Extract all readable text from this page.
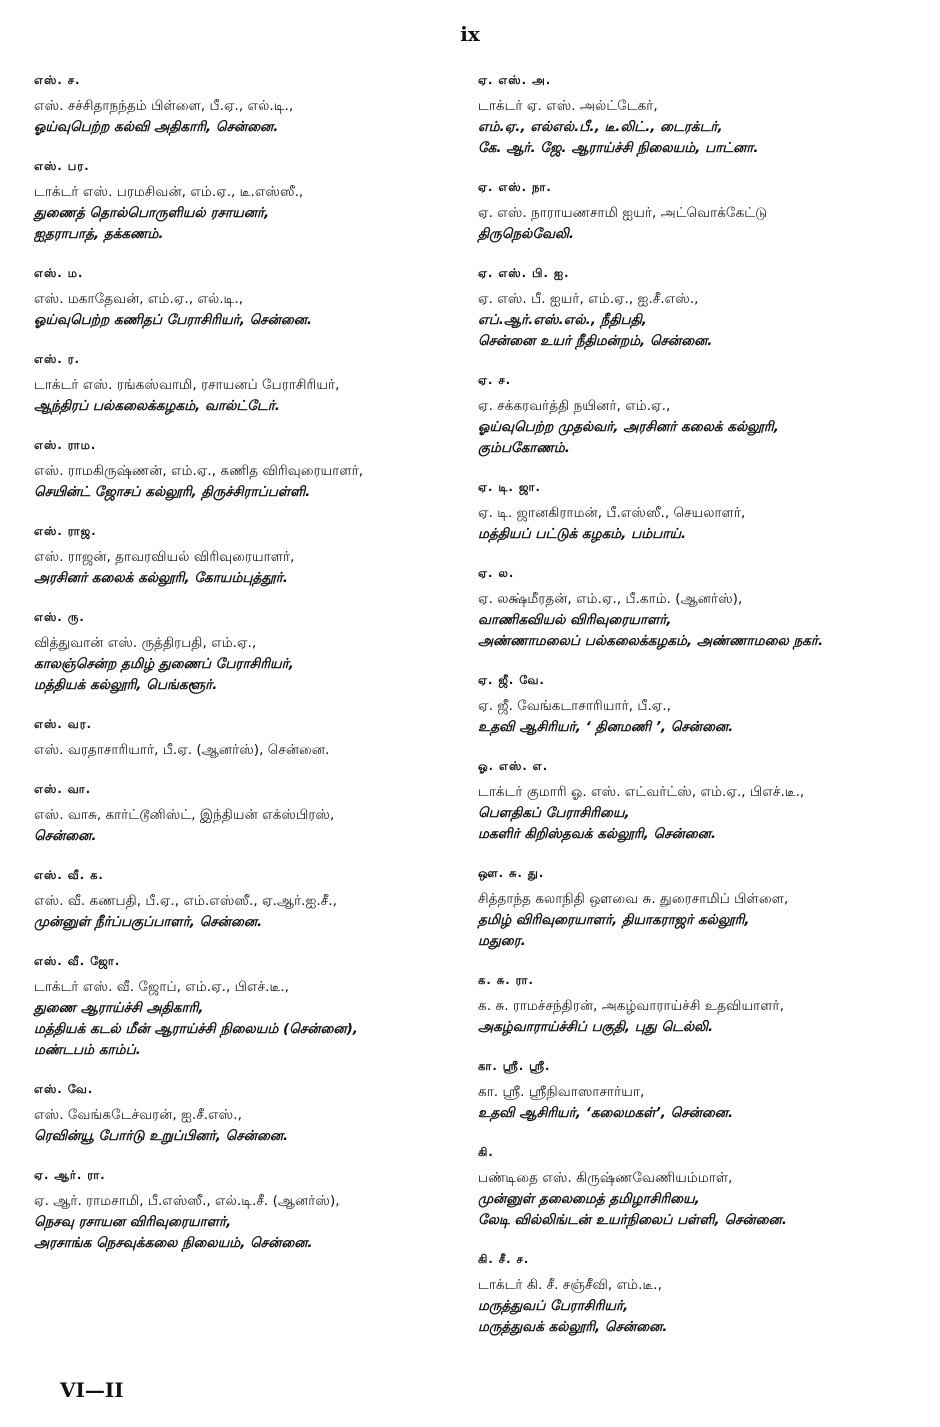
ix
எஸ். ச.
எஸ். சச்சிதாநந்தம் பிள்ளை, பீ.ஏ., எல்.டி.,
ஓய்வுபெற்ற கல்வி அதிகாரி, சென்னை.
எஸ். பர.
டாக்டர் எஸ். பரமசிவன், எம்.ஏ., டீ.எஸ்ஸீ.,
துணைத் தொல்பொருளியல் ரசாயனர்,
ஐதராபாத், தக்கணம்.
எஸ். ம.
எஸ். மகாதேவன், எம்.ஏ., எல்.டி.,
ஓய்வுபெற்ற கணிதப் பேராசிரியர், சென்னை.
எஸ். ர.
டாக்டர் எஸ். ரங்கஸ்வாமி, ரசாயனப் பேராசிரியர்,
ஆந்திரப் பல்கலைக்கழகம், வால்ட்டேர்.
எஸ். ராம.
எஸ். ராமகிருஷ்ணன், எம்.ஏ., கணித விரிவுரையாளர்,
செயின்ட் ஜோசப் கல்லூரி, திருச்சிராப்பள்ளி.
எஸ். ராஜ.
எஸ். ராஜன், தாவரவியல் விரிவுரையாளர்,
அரசினர் கலைக் கல்லூரி, கோயம்புத்தூர்.
எஸ். ரு.
வித்துவான் எஸ். ருத்திரபதி, எம்.ஏ.,
காலஞ்சென்ற தமிழ் துணைப் பேராசிரியர்,
மத்தியக் கல்லூரி, பெங்களூர்.
எஸ். வர.
எஸ். வரதாசாரியார், பீ.ஏ. (ஆனர்ஸ்), சென்னை.
எஸ். வா.
எஸ். வாசு, கார்ட்டூனிஸ்ட், இந்தியன் எக்ஸ்பிரஸ்,
சென்னை.
எஸ். வீ. க.
எஸ். வீ. கணபதி, பீ.ஏ., எம்.எஸ்ஸீ., ஏ.ஆர்.ஐ.சீ.,
முன்னுள் நீர்ப்பகுப்பாளர், சென்னை.
எஸ். வீ. ஜோ.
டாக்டர் எஸ். வீ. ஜோப், எம்.ஏ., பிஎச்.டீ.,
துணை ஆராய்ச்சி அதிகாரி,
மத்தியக் கடல் மீன் ஆராய்ச்சி நிலையம் (சென்னை),
மண்டபம் காம்ப்.
எஸ். வே.
எஸ். வேங்கடேச்வரன், ஐ.சீ.எஸ்.,
ரெவின்யூ போர்டு உறுப்பினர், சென்னை.
ஏ. ஆர். ரா.
ஏ. ஆர். ராமசாமி, பீ.எஸ்ஸீ., எல்.டி.சீ. (ஆனர்ஸ்),
நெசவு ரசாயன விரிவுரையாளர்,
அரசாங்க நெசவுக்கலை நிலையம், சென்னை.
ஏ. எஸ். அ.
டாக்டர் ஏ. எஸ். அல்ட்டேகர்,
எம்.ஏ., எல்எல்.பீ., டீ.லிட்., டைரக்டர்,
கே. ஆர். ஜே. ஆராய்ச்சி நிலையம், பாட்னா.
ஏ. எஸ். நா.
ஏ. எஸ். நாராயணசாமி ஐயர், அட்வொக்கேட்டு
திருநெல்வேலி.
ஏ. எஸ். பி. ஐ.
ஏ. எஸ். பீ. ஐயர், எம்.ஏ., ஐ.சீ.எஸ்.,
எப்.ஆர்.எஸ்.எல்., நீதிபதி,
சென்னை உயர் நீதிமன்றம், சென்னை.
ஏ. ச.
ஏ. சக்கரவர்த்தி நயினர், எம்.ஏ.,
ஓய்வுபெற்ற முதல்வர், அரசினர் கலைக் கல்லூரி,
கும்பகோணம்.
ஏ. டி. ஜா.
ஏ. டி. ஜானகிராமன், பீ.எஸ்ஸீ., செயலாளர்,
மத்தியப் பட்டுக் கழகம், பம்பாய்.
ஏ. ல.
ஏ. லக்ஷ்மீரதன், எம்.ஏ., பீ.காம். (ஆனர்ஸ்),
வாணிகவியல் விரிவுரையாளர்,
அண்ணாமலைப் பல்கலைக்கழகம், அண்ணாமலை நகர்.
ஏ. ஜீ. வே.
ஏ. ஜீ. வேங்கடாசாரியார், பீ.ஏ.,
உதவி ஆசிரியர், ‘ தினமணி ’, சென்னை.
ஓ. எஸ். எ.
டாக்டர் குமாரி ஓ. எஸ். எட்வர்ட்ஸ், எம்.ஏ., பிஎச்.டீ.,
பௌதிகப் பேராசிரியை,
மகளிர் கிறிஸ்தவக் கல்லூரி, சென்னை.
ஔ. சு. து.
சித்தாந்த கலாநிதி ஔவை சு. துரைசாமிப் பிள்ளை,
தமிழ் விரிவுரையாளர், தியாகராஜர் கல்லூரி,
மதுரை.
க. சு. ரா.
க. சு. ராமச்சந்திரன், அகழ்வாராய்ச்சி உதவியாளர்,
அகழ்வாராய்ச்சிப் பகுதி, புது டெல்லி.
கா. ஸ்ரீ. ஸ்ரீ.
கா. ஸ்ரீ. ஸ்ரீநிவாஸாசார்யா,
உதவி ஆசிரியர், ‘கலைமகள்’, சென்னை.
கி.
பண்டிதை எஸ். கிருஷ்ணவேணியம்மாள்,
முன்னுள் தலைமைத் தமிழாசிரியை,
லேடி வில்லிங்டன் உயர்நிலைப் பள்ளி, சென்னை.
கி. சீ. ச.
டாக்டர் கி. சீ. சஞ்சீவி, எம்.டீ.,
மருத்துவப் பேராசிரியர்,
மருத்துவக் கல்லூரி, சென்னை.
VI—II
